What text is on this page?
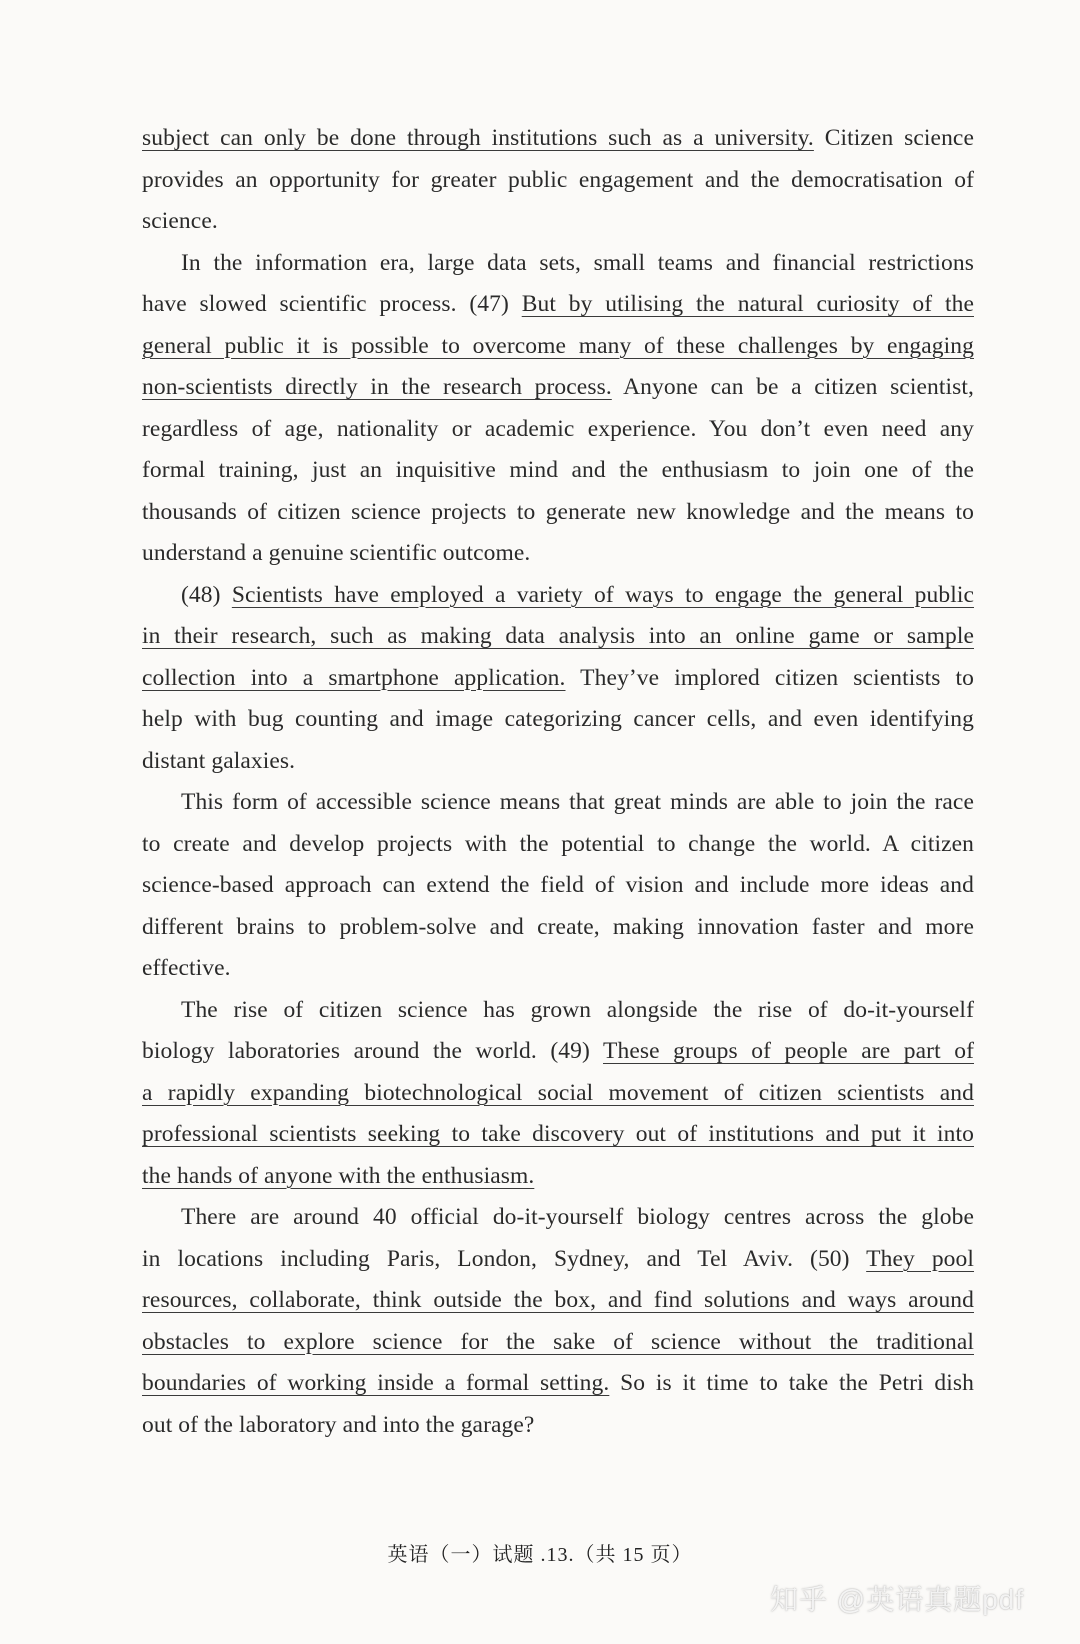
subject can only be done through institutions such as a university. Citizen science
provides an opportunity for greater public engagement and the democratisation of
science.
In the information era, large data sets, small teams and financial restrictions
have slowed scientific process. (47) But by utilising the natural curiosity of the
general public it is possible to overcome many of these challenges by engaging
non-scientists directly in the research process. Anyone can be a citizen scientist,
regardless of age, nationality or academic experience. You don’t even need any
formal training, just an inquisitive mind and the enthusiasm to join one of the
thousands of citizen science projects to generate new knowledge and the means to
understand a genuine scientific outcome.
(48) Scientists have employed a variety of ways to engage the general public
in their research, such as making data analysis into an online game or sample
collection into a smartphone application. They’ve implored citizen scientists to
help with bug counting and image categorizing cancer cells, and even identifying
distant galaxies.
This form of accessible science means that great minds are able to join the race
to create and develop projects with the potential to change the world. A citizen
science-based approach can extend the field of vision and include more ideas and
different brains to problem-solve and create, making innovation faster and more
effective.
The rise of citizen science has grown alongside the rise of do-it-yourself
biology laboratories around the world. (49) These groups of people are part of
a rapidly expanding biotechnological social movement of citizen scientists and
professional scientists seeking to take discovery out of institutions and put it into
the hands of anyone with the enthusiasm.
There are around 40 official do-it-yourself biology centres across the globe
in locations including Paris, London, Sydney, and Tel Aviv. (50) They pool
resources, collaborate, think outside the box, and find solutions and ways around
obstacles to explore science for the sake of science without the traditional
boundaries of working inside a formal setting. So is it time to take the Petri dish
out of the laboratory and into the garage?
英语（一）试题 .13.（共 15 页）
知乎 @英语真题pdf
